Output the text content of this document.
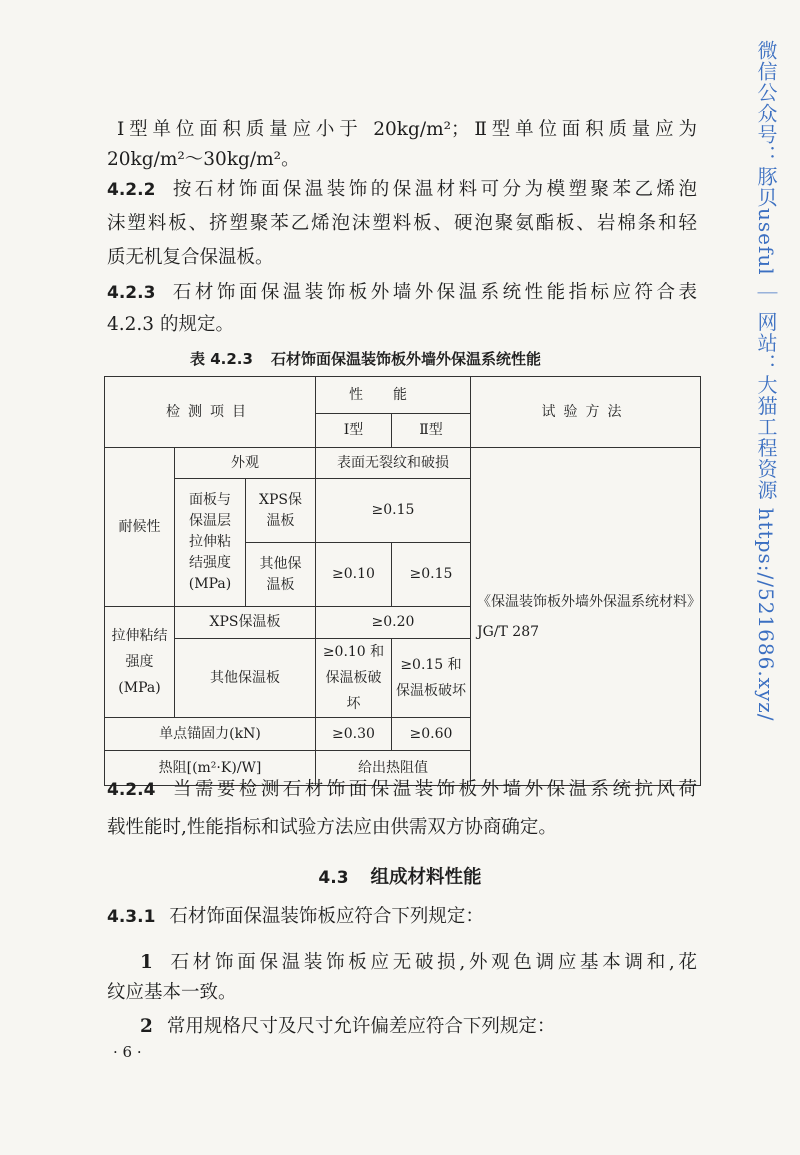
微信公众号：豚贝useful ｜ 网站：大猫工程资源 https://521686.xyz/
Ⅰ型单位面积质量应小于 20kg/m²；Ⅱ型单位面积质量应为
20kg/m²～30kg/m²。
4.2.2 按石材饰面保温装饰的保温材料可分为模塑聚苯乙烯泡
沫塑料板、挤塑聚苯乙烯泡沫塑料板、硬泡聚氨酯板、岩棉条和轻
质无机复合保温板。
4.2.3 石材饰面保温装饰板外墙外保温系统性能指标应符合表
4.2.3 的规定。
表 4.2.3 石材饰面保温装饰板外墙外保温系统性能
检测项目			性能		试验方法
			Ⅰ型	Ⅱ型	
耐候性	外观		表面无裂纹和破损		《保温装饰板外墙外保温系统材料》JG/T 287
	面板与保温层拉伸粘结强度(MPa)	XPS保温板	≥0.15		
		其他保温板	≥0.10	≥0.15	
拉伸粘结强度(MPa)	XPS保温板		≥0.20		
	其他保温板		≥0.10 和保温板破坏	≥0.15 和保温板破坏	
单点锚固力(kN)			≥0.30	≥0.60	
热阻[(m²·K)/W]			给出热阻值		
4.2.4 当需要检测石材饰面保温装饰板外墙外保温系统抗风荷
载性能时,性能指标和试验方法应由供需双方协商确定。
4.3 组成材料性能
4.3.1 石材饰面保温装饰板应符合下列规定：
1 石材饰面保温装饰板应无破损,外观色调应基本调和,花
纹应基本一致。
2 常用规格尺寸及尺寸允许偏差应符合下列规定：
· 6 ·
